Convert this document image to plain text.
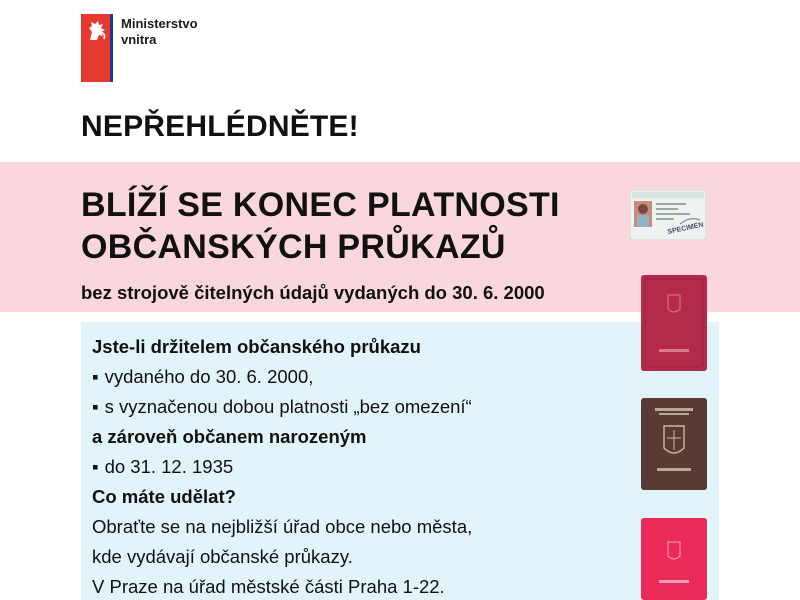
Ministerstvo
vnitra
NEPŘEHLÉDNĚTE!
BLÍŽÍ SE KONEC PLATNOSTI
OBČANSKÝCH PRŮKAZŮ
bez strojově čitelných údajů vydaných do 30. 6. 2000
Jste-li držitelem občanského průkazu
▪ vydaného do 30. 6. 2000,
▪ s vyznačenou dobou platnosti „bez omezení“
a zároveň občanem narozeným
▪ do 31. 12. 1935
Co máte udělat?
Obraťte se na nejbližší úřad obce nebo města,
kde vydávají občanské průkazy.
V Praze na úřad městské části Praha 1-22.
SPECIMEN
